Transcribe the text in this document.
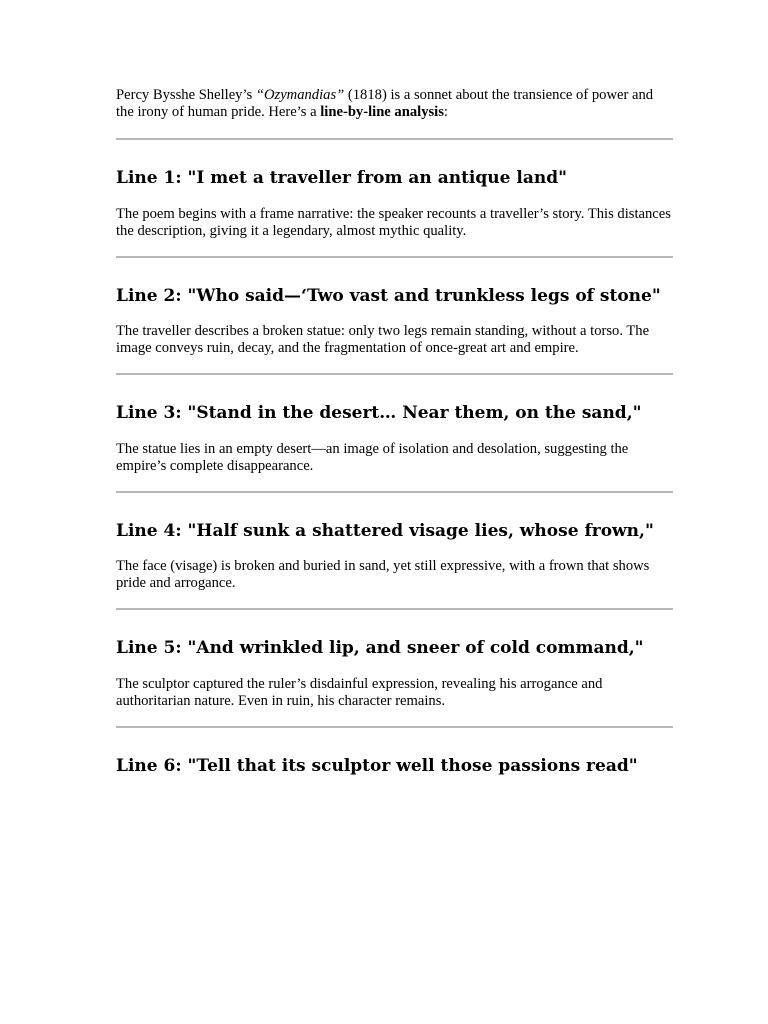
Percy Bysshe Shelley’s “Ozymandias” (1818) is a sonnet about the transience of power and the irony of human pride. Here’s a line-by-line analysis:

Line 1: "I met a traveller from an antique land"

The poem begins with a frame narrative: the speaker recounts a traveller’s story. This distances the description, giving it a legendary, almost mythic quality.

Line 2: "Who said—‘Two vast and trunkless legs of stone"

The traveller describes a broken statue: only two legs remain standing, without a torso. The image conveys ruin, decay, and the fragmentation of once-great art and empire.

Line 3: "Stand in the desert… Near them, on the sand,"

The statue lies in an empty desert—an image of isolation and desolation, suggesting the empire’s complete disappearance.

Line 4: "Half sunk a shattered visage lies, whose frown,"

The face (visage) is broken and buried in sand, yet still expressive, with a frown that shows pride and arrogance.

Line 5: "And wrinkled lip, and sneer of cold command,"

The sculptor captured the ruler’s disdainful expression, revealing his arrogance and authoritarian nature. Even in ruin, his character remains.

Line 6: "Tell that its sculptor well those passions read"
